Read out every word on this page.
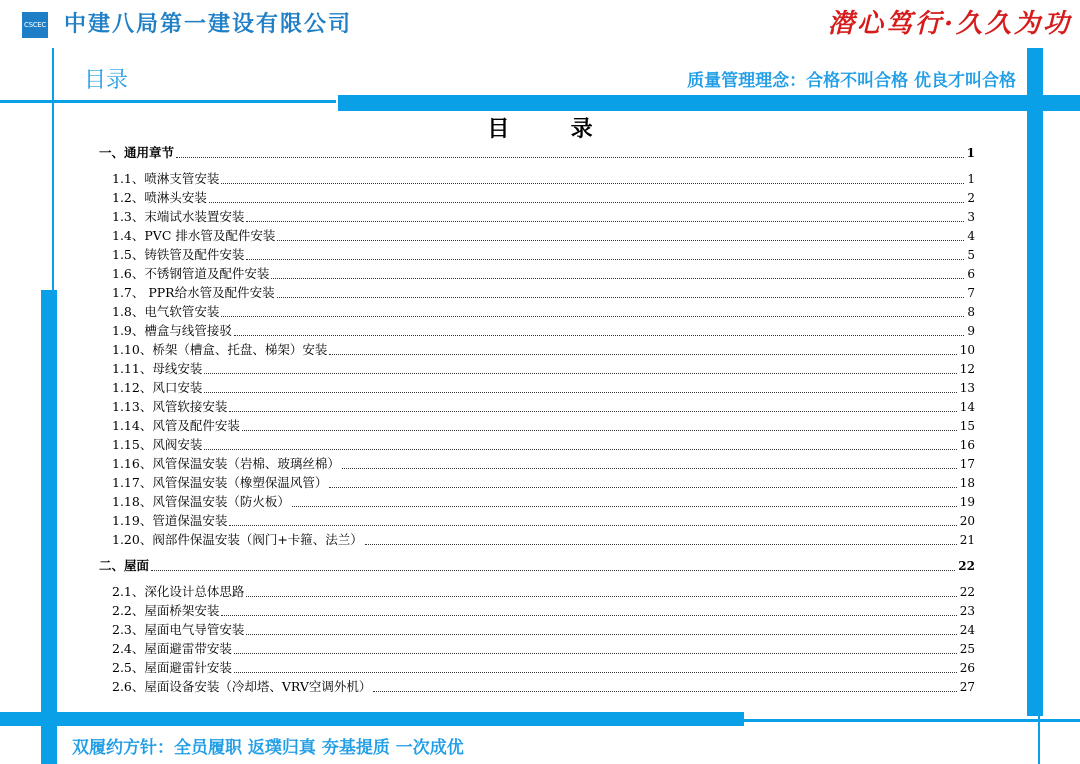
CSCEC 中建八局第一建设有限公司	潜心笃行·久久为功
目录	质量管理理念：合格不叫合格 优良才叫合格
目        录
一、通用章节	1
1.1、喷淋支管安装	1
1.2、喷淋头安装	2
1.3、末端试水装置安装	3
1.4、PVC 排水管及配件安装	4
1.5、铸铁管及配件安装	5
1.6、不锈钢管道及配件安装	6
1.7、 PPR给水管及配件安装	7
1.8、电气软管安装	8
1.9、槽盒与线管接驳	9
1.10、桥架（槽盒、托盘、梯架）安装	10
1.11、母线安装	12
1.12、风口安装	13
1.13、风管软接安装	14
1.14、风管及配件安装	15
1.15、风阀安装	16
1.16、风管保温安装（岩棉、玻璃丝棉）	17
1.17、风管保温安装（橡塑保温风管）	18
1.18、风管保温安装（防火板）	19
1.19、管道保温安装	20
1.20、阀部件保温安装（阀门+卡箍、法兰）	21
二、屋面	22
2.1、深化设计总体思路	22
2.2、屋面桥架安装	23
2.3、屋面电气导管安装	24
2.4、屋面避雷带安装	25
2.5、屋面避雷针安装	26
2.6、屋面设备安装（冷却塔、VRV空调外机）	27
双履约方针：全员履职 返璞归真 夯基提质 一次成优
